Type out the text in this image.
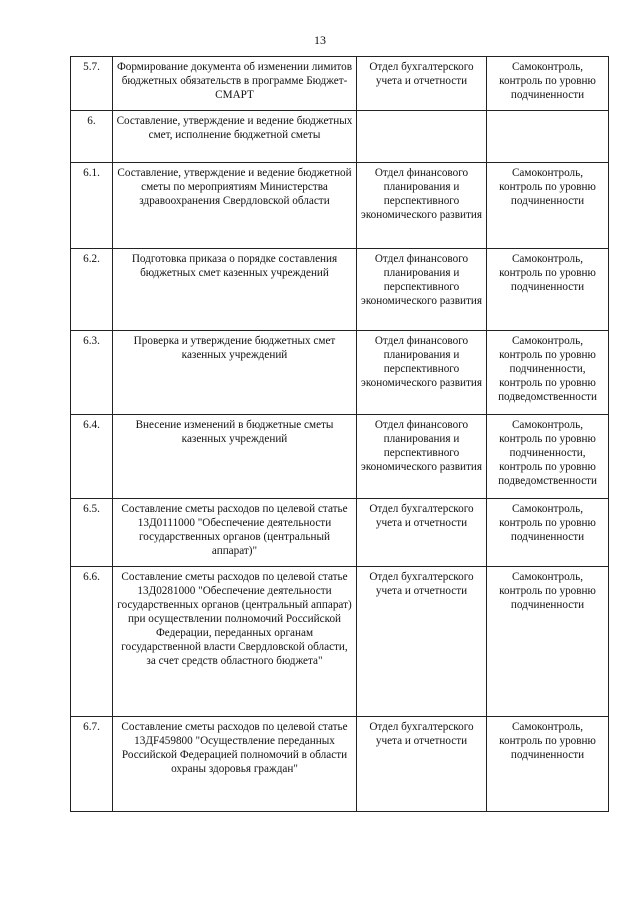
13
5.7.	Формирование документа об изменении лимитов бюджетных обязательств в программе Бюджет-СМАРТ	Отдел бухгалтерского учета и отчетности	Самоконтроль, контроль по уровню подчиненности
6.	Составление, утверждение и ведение бюджетных смет, исполнение бюджетной сметы		
6.1.	Составление, утверждение и ведение бюджетной сметы по мероприятиям Министерства здравоохранения Свердловской области	Отдел финансового планирования и перспективного экономического развития	Самоконтроль, контроль по уровню подчиненности
6.2.	Подготовка приказа о порядке составления бюджетных смет казенных учреждений	Отдел финансового планирования и перспективного экономического развития	Самоконтроль, контроль по уровню подчиненности
6.3.	Проверка и утверждение бюджетных смет казенных учреждений	Отдел финансового планирования и перспективного экономического развития	Самоконтроль, контроль по уровню подчиненности, контроль по уровню подведомственности
6.4.	Внесение изменений в бюджетные сметы казенных учреждений	Отдел финансового планирования и перспективного экономического развития	Самоконтроль, контроль по уровню подчиненности, контроль по уровню подведомственности
6.5.	Составление сметы расходов по целевой статье 13Д0111000 "Обеспечение деятельности государственных органов (центральный аппарат)"	Отдел бухгалтерского учета и отчетности	Самоконтроль, контроль по уровню подчиненности
6.6.	Составление сметы расходов по целевой статье 13Д0281000 "Обеспечение деятельности государственных органов (центральный аппарат) при осуществлении полномочий Российской Федерации, переданных органам государственной власти Свердловской области, за счет средств областного бюджета"	Отдел бухгалтерского учета и отчетности	Самоконтроль, контроль по уровню подчиненности
6.7.	Составление сметы расходов по целевой статье 13ДF459800 "Осуществление переданных Российской Федерацией полномочий в области охраны здоровья граждан"	Отдел бухгалтерского учета и отчетности	Самоконтроль, контроль по уровню подчиненности
